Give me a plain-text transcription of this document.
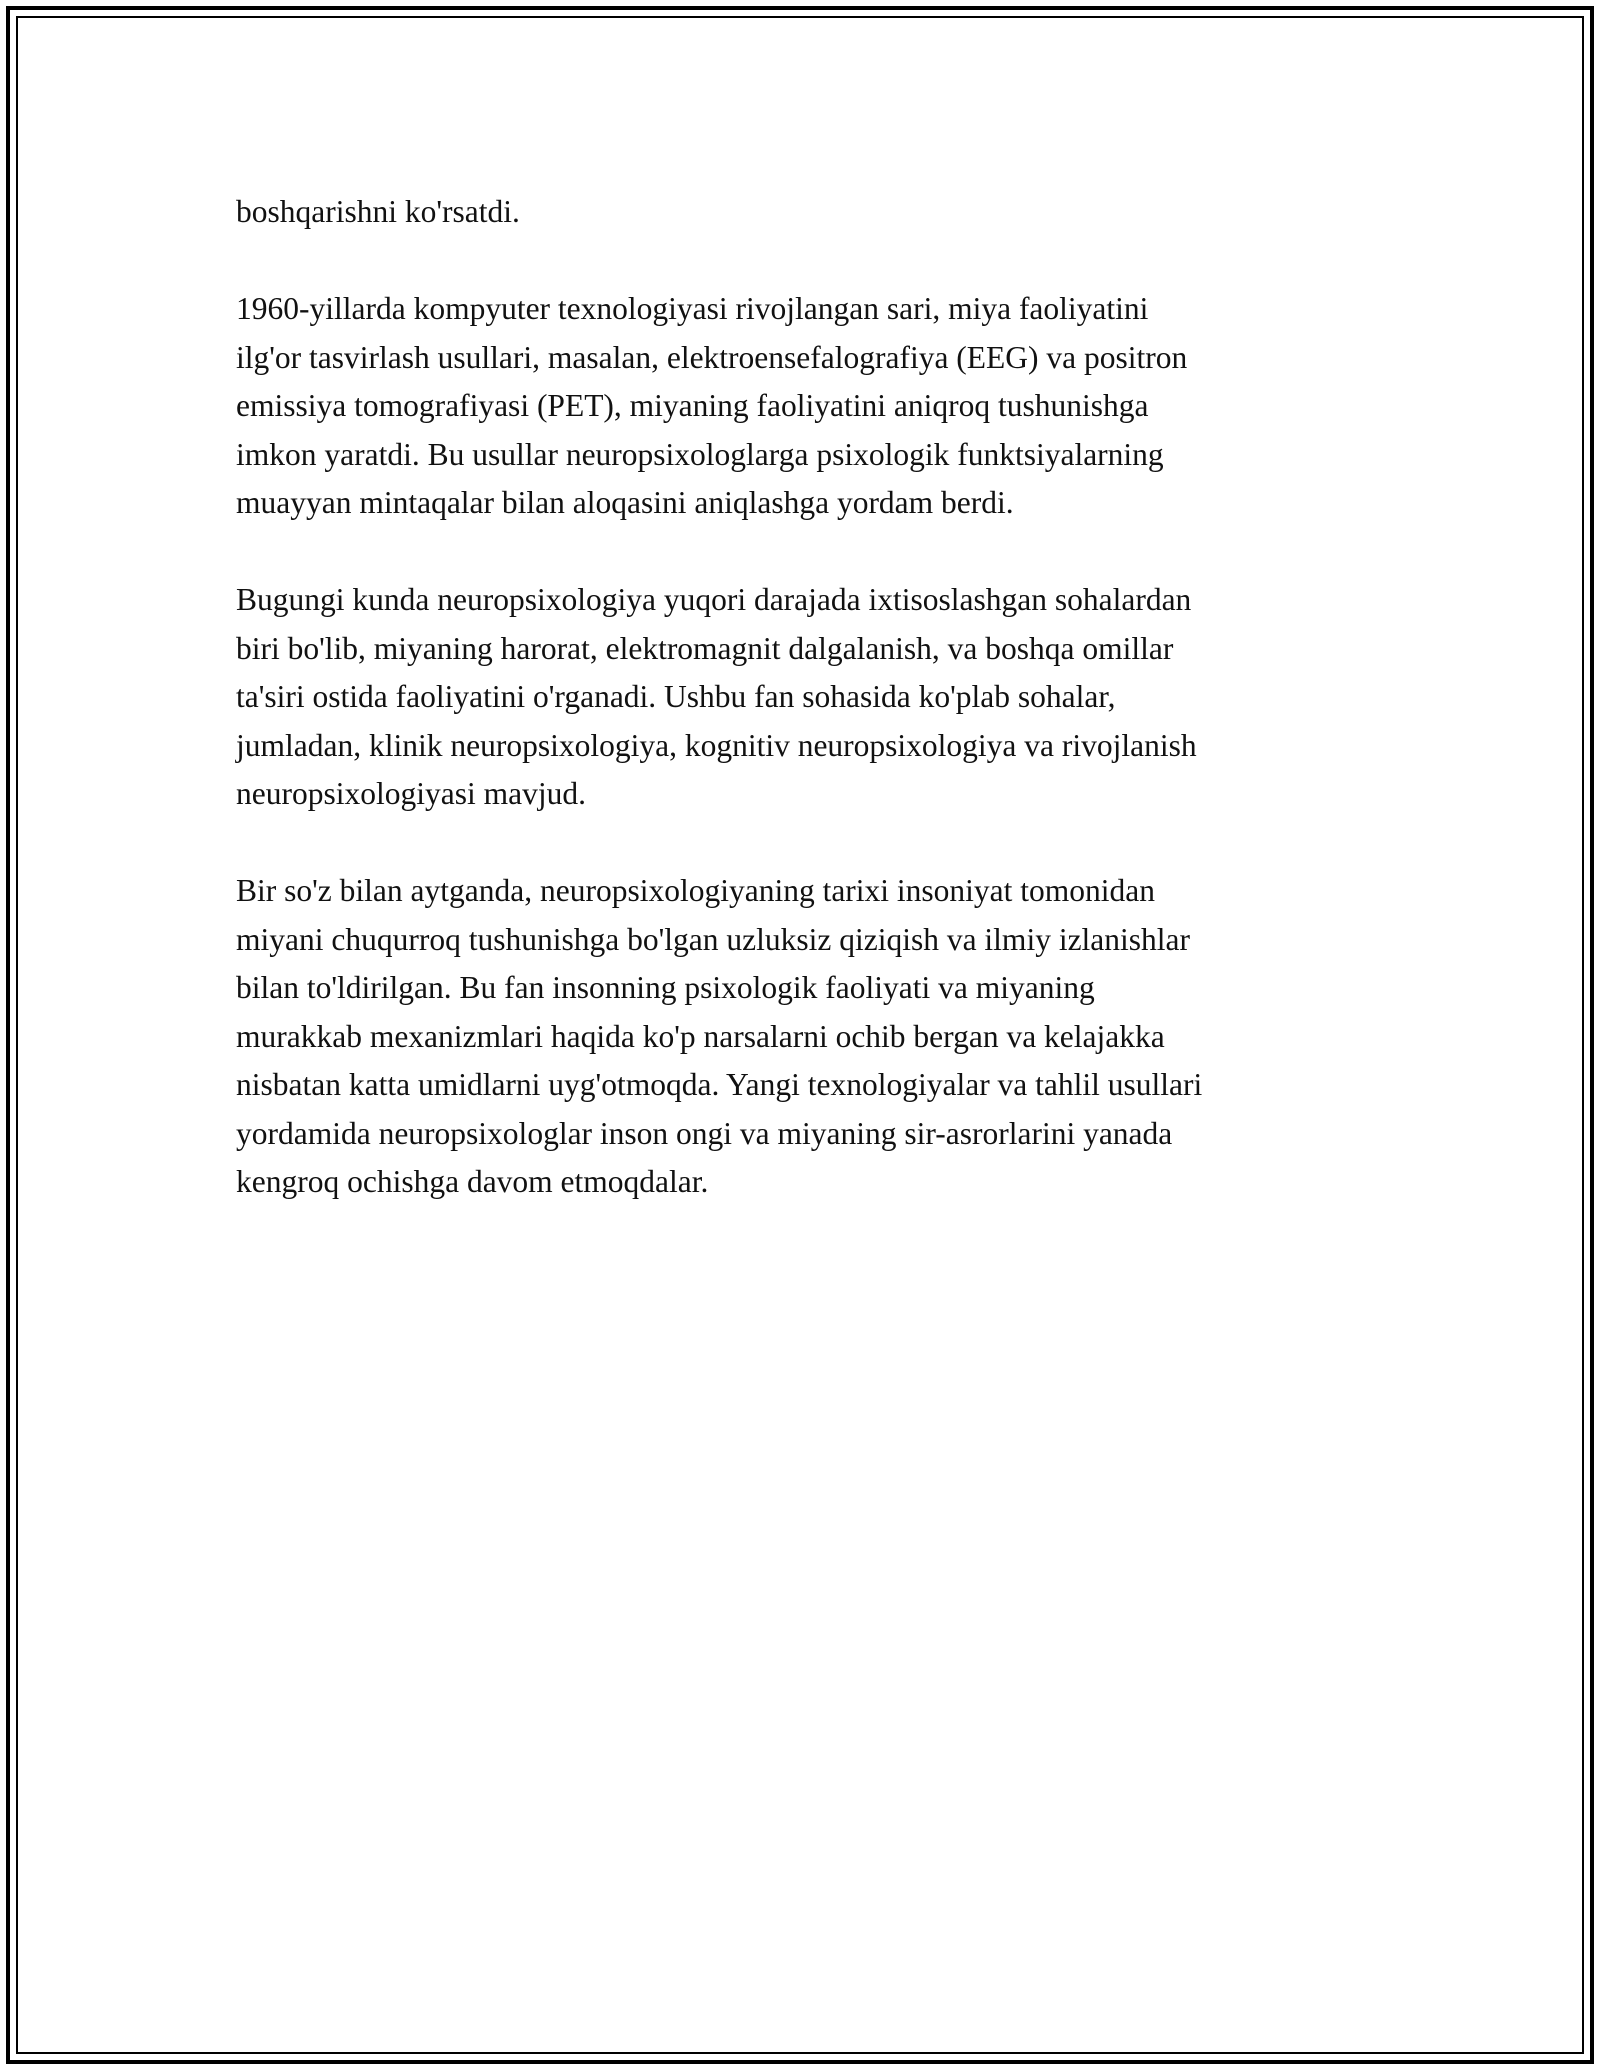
boshqarishni ko'rsatdi.

1960-yillarda kompyuter texnologiyasi rivojlangan sari, miya faoliyatini
ilg'or tasvirlash usullari, masalan, elektroensefalografiya (EEG) va positron
emissiya tomografiyasi (PET), miyaning faoliyatini aniqroq tushunishga
imkon yaratdi. Bu usullar neuropsixologlarga psixologik funktsiyalarning
muayyan mintaqalar bilan aloqasini aniqlashga yordam berdi.

Bugungi kunda neuropsixologiya yuqori darajada ixtisoslashgan sohalardan
biri bo'lib, miyaning harorat, elektromagnit dalgalanish, va boshqa omillar
ta'siri ostida faoliyatini o'rganadi. Ushbu fan sohasida ko'plab sohalar,
jumladan, klinik neuropsixologiya, kognitiv neuropsixologiya va rivojlanish
neuropsixologiyasi mavjud.

Bir so'z bilan aytganda, neuropsixologiyaning tarixi insoniyat tomonidan
miyani chuqurroq tushunishga bo'lgan uzluksiz qiziqish va ilmiy izlanishlar
bilan to'ldirilgan. Bu fan insonning psixologik faoliyati va miyaning
murakkab mexanizmlari haqida ko'p narsalarni ochib bergan va kelajakka
nisbatan katta umidlarni uyg'otmoqda. Yangi texnologiyalar va tahlil usullari
yordamida neuropsixologlar inson ongi va miyaning sir-asrorlarini yanada
kengroq ochishga davom etmoqdalar.
